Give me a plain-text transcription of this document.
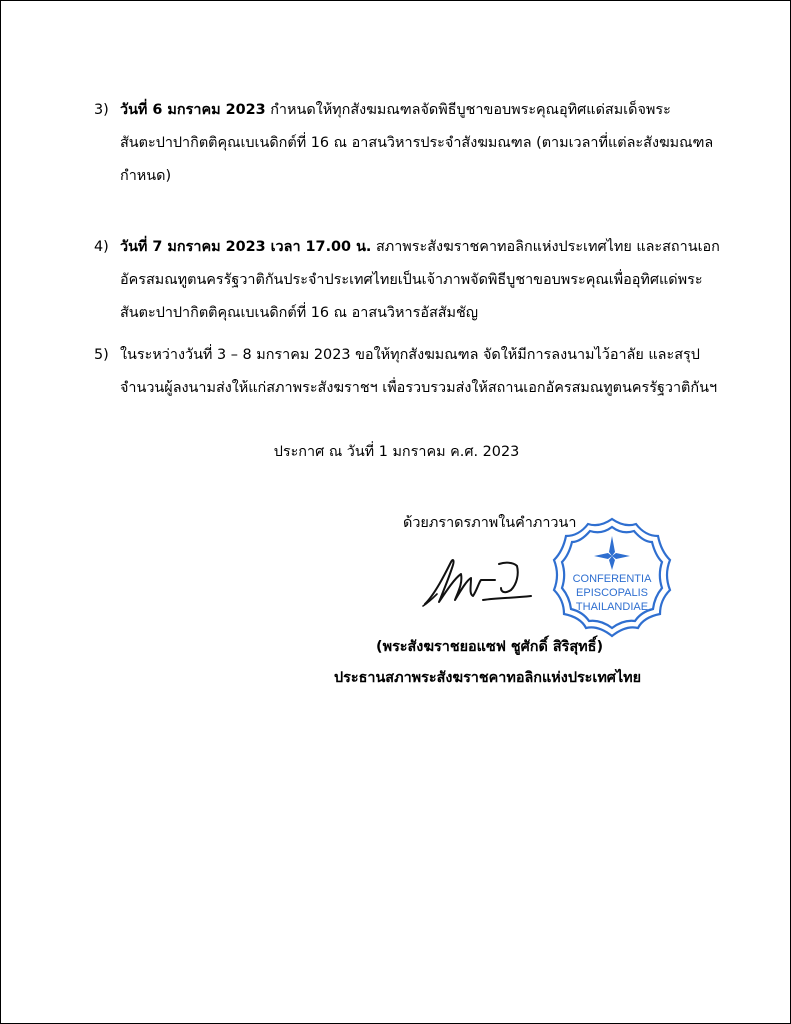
3) วันที่ 6 มกราคม 2023 กำหนดให้ทุกสังฆมณฑลจัดพิธีบูชาขอบพระคุณอุทิศแด่สมเด็จพระ
สันตะปาปากิตติคุณเบเนดิกต์ที่ 16 ณ อาสนวิหารประจำสังฆมณฑล (ตามเวลาที่แต่ละสังฆมณฑล
กำหนด)
4) วันที่ 7 มกราคม 2023 เวลา 17.00 น. สภาพระสังฆราชคาทอลิกแห่งประเทศไทย และสถานเอก
อัครสมณทูตนครรัฐวาติกันประจำประเทศไทยเป็นเจ้าภาพจัดพิธีบูชาขอบพระคุณเพื่ออุทิศแด่พระ
สันตะปาปากิตติคุณเบเนดิกต์ที่ 16 ณ อาสนวิหารอัสสัมชัญ
5) ในระหว่างวันที่ 3 – 8 มกราคม 2023 ขอให้ทุกสังฆมณฑล จัดให้มีการลงนามไว้อาลัย และสรุป
จำนวนผู้ลงนามส่งให้แก่สภาพระสังฆราชฯ เพื่อรวบรวมส่งให้สถานเอกอัครสมณทูตนครรัฐวาติกันฯ
ประกาศ ณ วันที่ 1 มกราคม ค.ศ. 2023
ด้วยภราดรภาพในคำภาวนา
CONFERENTIA
EPISCOPALIS
THAILANDIAE
(พระสังฆราชยอแซฟ ชูศักดิ์ สิริสุทธิ์)
ประธานสภาพระสังฆราชคาทอลิกแห่งประเทศไทย
